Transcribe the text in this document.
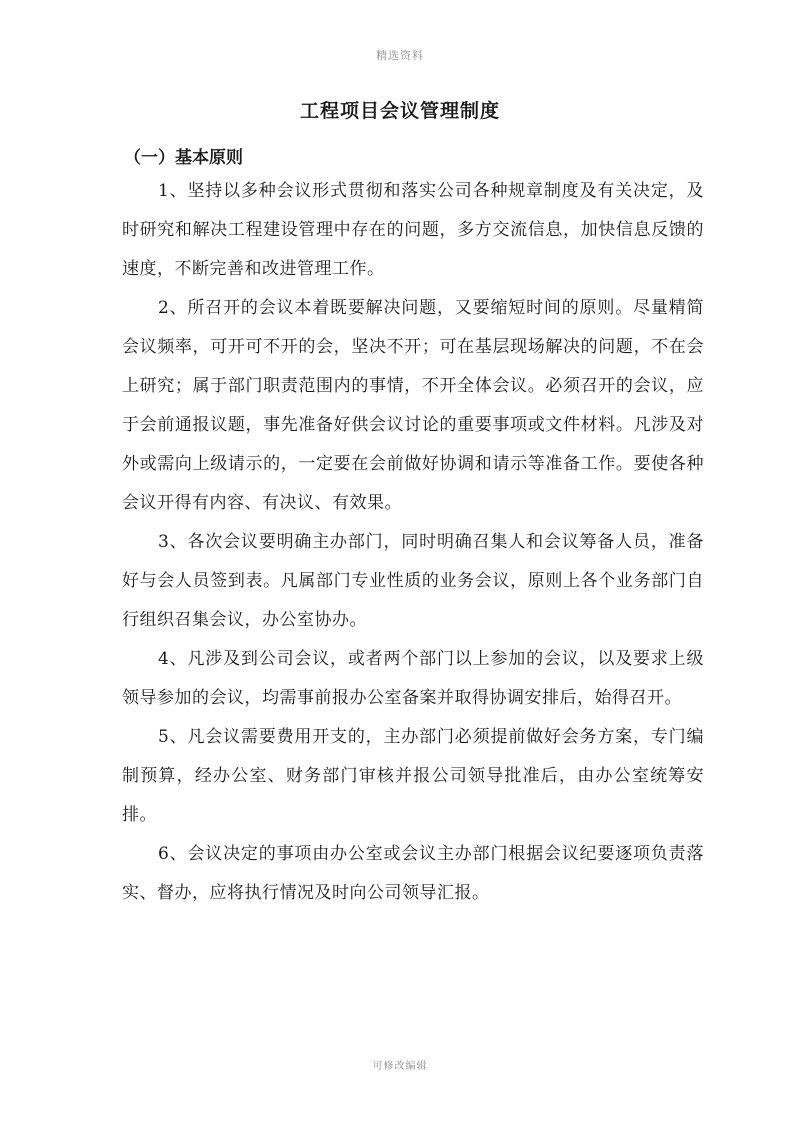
精选资料
工程项目会议管理制度
（一）基本原则

1、坚持以多种会议形式贯彻和落实公司各种规章制度及有关决定，及时研究和解决工程建设管理中存在的问题，多方交流信息，加快信息反馈的速度，不断完善和改进管理工作。

2、所召开的会议本着既要解决问题，又要缩短时间的原则。尽量精简会议频率，可开可不开的会，坚决不开；可在基层现场解决的问题，不在会上研究；属于部门职责范围内的事情，不开全体会议。必须召开的会议，应于会前通报议题，事先准备好供会议讨论的重要事项或文件材料。凡涉及对外或需向上级请示的，一定要在会前做好协调和请示等准备工作。要使各种会议开得有内容、有决议、有效果。

3、各次会议要明确主办部门，同时明确召集人和会议筹备人员，准备好与会人员签到表。凡属部门专业性质的业务会议，原则上各个业务部门自行组织召集会议，办公室协办。

4、凡涉及到公司会议，或者两个部门以上参加的会议，以及要求上级领导参加的会议，均需事前报办公室备案并取得协调安排后，始得召开。

5、凡会议需要费用开支的，主办部门必须提前做好会务方案，专门编制预算，经办公室、财务部门审核并报公司领导批准后，由办公室统筹安排。

6、会议决定的事项由办公室或会议主办部门根据会议纪要逐项负责落实、督办，应将执行情况及时向公司领导汇报。

可修改编辑
